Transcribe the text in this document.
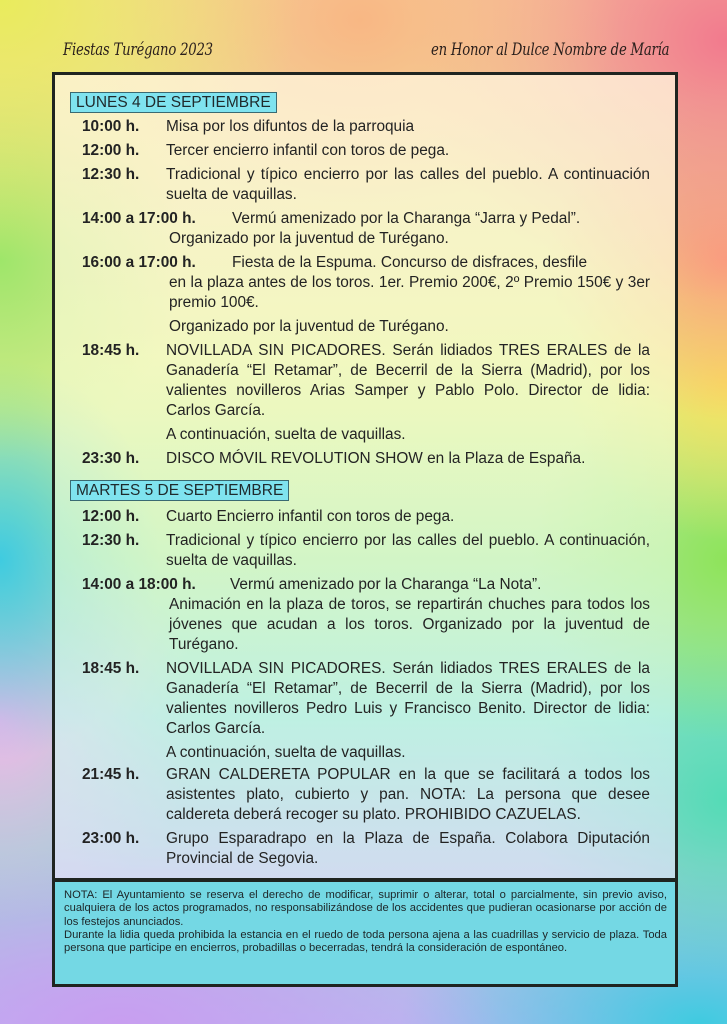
Fiestas Turégano 2023	en Honor al Dulce Nombre de María
LUNES 4 DE SEPTIEMBRE
10:00 h. Misa por los difuntos de la parroquia
12:00 h. Tercer encierro infantil con toros de pega.
12:30 h. Tradicional y típico encierro por las calles del pueblo. A continuación suelta de vaquillas.
14:00 a 17:00 h.	Vermú amenizado por la Charanga “Jarra y Pedal”.
Organizado por la juventud de Turégano.
16:00 a 17:00 h.	Fiesta de la Espuma. Concurso de disfraces, desfile
en la plaza antes de los toros. 1er. Premio 200€, 2º Premio 150€ y 3er premio 100€.
Organizado por la juventud de Turégano.
18:45 h. NOVILLADA SIN PICADORES. Serán lidiados TRES ERALES de la Ganadería “El Retamar”, de Becerril de la Sierra (Madrid), por los valientes novilleros Arias Samper y Pablo Polo. Director de lidia: Carlos García.
A continuación, suelta de vaquillas.
23:30 h. DISCO MÓVIL REVOLUTION SHOW en la Plaza de España.
MARTES 5 DE SEPTIEMBRE
12:00 h. Cuarto Encierro infantil con toros de pega.
12:30 h. Tradicional y típico encierro por las calles del pueblo. A continuación, suelta de vaquillas.
14:00 a 18:00 h.	Vermú amenizado por la Charanga “La Nota”.
Animación en la plaza de toros, se repartirán chuches para todos los jóvenes que acudan a los toros. Organizado por la juventud de Turégano.
18:45 h. NOVILLADA SIN PICADORES. Serán lidiados TRES ERALES de la Ganadería “El Retamar”, de Becerril de la Sierra (Madrid), por los valientes novilleros Pedro Luis y Francisco Benito. Director de lidia: Carlos García.
A continuación, suelta de vaquillas.
21:45 h. GRAN CALDERETA POPULAR en la que se facilitará a todos los asistentes plato, cubierto y pan. NOTA: La persona que desee caldereta deberá recoger su plato. PROHIBIDO CAZUELAS.
23:00 h. Grupo Esparadrapo en la Plaza de España. Colabora Diputación Provincial de Segovia.

NOTA: El Ayuntamiento se reserva el derecho de modificar, suprimir o alterar, total o parcialmente, sin previo aviso, cualquiera de los actos programados, no responsabilizándose de los accidentes que pudieran ocasionarse por acción de los festejos anunciados.

Durante la lidia queda prohibida la estancia en el ruedo de toda persona ajena a las cuadrillas y servicio de plaza. Toda persona que participe en encierros, probadillas o becerradas, tendrá la consideración de espontáneo.
